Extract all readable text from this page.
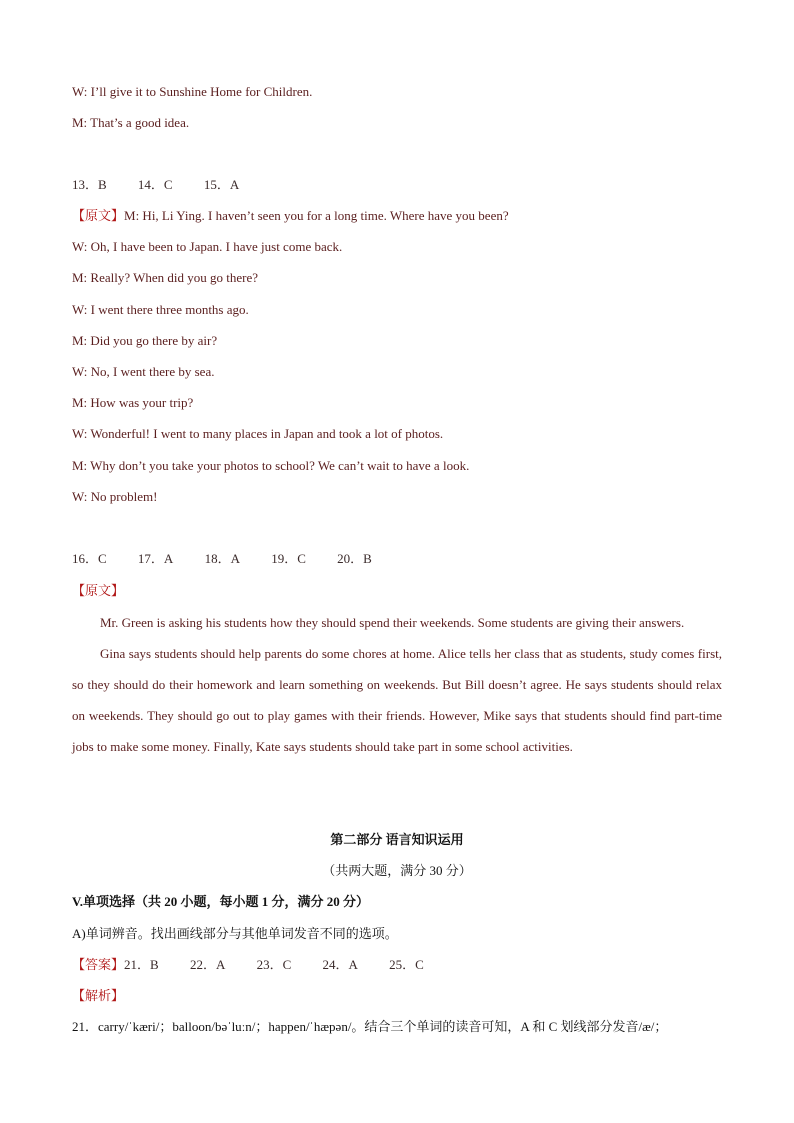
W: I’ll give it to Sunshine Home for Children.
M: That’s a good idea.
13．B 14．C 15．A
【原文】M: Hi, Li Ying. I haven’t seen you for a long time. Where have you been?
W: Oh, I have been to Japan. I have just come back.
M: Really? When did you go there?
W: I went there three months ago.
M: Did you go there by air?
W: No, I went there by sea.
M: How was your trip?
W: Wonderful! I went to many places in Japan and took a lot of photos.
M: Why don’t you take your photos to school? We can’t wait to have a look.
W: No problem!
16．C 17．A 18．A 19．C 20．B
【原文】
Mr. Green is asking his students how they should spend their weekends. Some students are giving their answers.
Gina says students should help parents do some chores at home. Alice tells her class that as students, study comes first, so they should do their homework and learn something on weekends. But Bill doesn’t agree. He says students should relax on weekends. They should go out to play games with their friends. However, Mike says that students should find part-time jobs to make some money. Finally, Kate says students should take part in some school activities.
第二部分 语言知识运用
（共两大题，满分 30 分）
V.单项选择（共 20 小题，每小题 1 分，满分 20 分）
A)单词辨音。找出画线部分与其他单词发音不同的选项。
【答案】21．B 22．A 23．C 24．A 25．C
【解析】
21．carry/ˈkæri/；balloon/bəˈluːn/；happen/ˈhæpən/。结合三个单词的读音可知，A 和 C 划线部分发音/æ/；
